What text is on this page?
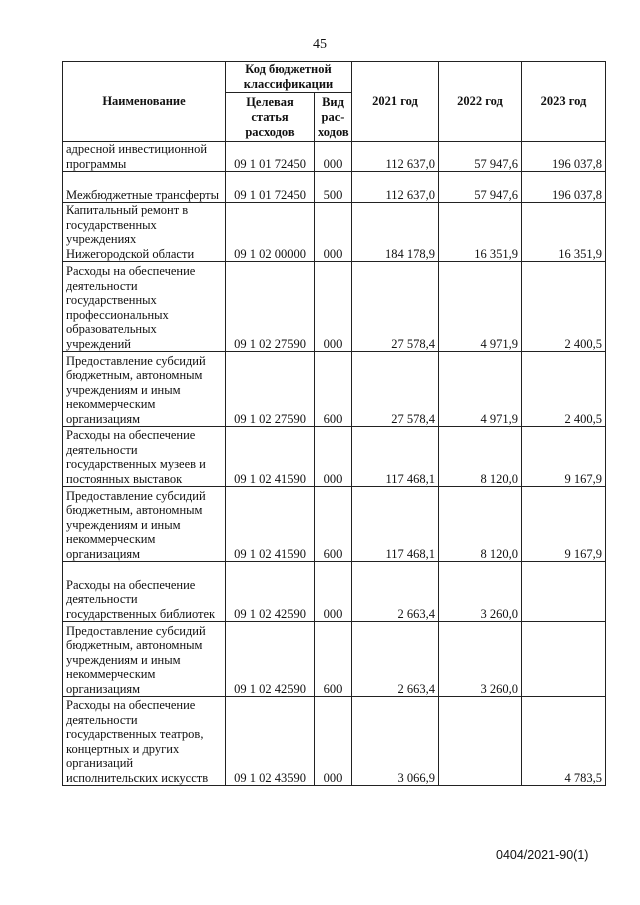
45
Наименование	Код бюджетной классификации		2021 год	2022 год	2023 год
	Целевая статья расходов	Вид рас-ходов			
адресной инвестиционной программы	09 1 01 72450	000	112 637,0	57 947,6	196 037,8
Межбюджетные трансферты	09 1 01 72450	500	112 637,0	57 947,6	196 037,8
Капитальный ремонт в государственных учреждениях Нижегородской области	09 1 02 00000	000	184 178,9	16 351,9	16 351,9
Расходы на обеспечение деятельности государственных профессиональных образовательных учреждений	09 1 02 27590	000	27 578,4	4 971,9	2 400,5
Предоставление субсидий бюджетным, автономным учреждениям и иным некоммерческим организациям	09 1 02 27590	600	27 578,4	4 971,9	2 400,5
Расходы на обеспечение деятельности государственных музеев и постоянных выставок	09 1 02 41590	000	117 468,1	8 120,0	9 167,9
Предоставление субсидий бюджетным, автономным учреждениям и иным некоммерческим организациям	09 1 02 41590	600	117 468,1	8 120,0	9 167,9
Расходы на обеспечение деятельности государственных библиотек	09 1 02 42590	000	2 663,4	3 260,0	
Предоставление субсидий бюджетным, автономным учреждениям и иным некоммерческим организациям	09 1 02 42590	600	2 663,4	3 260,0	
Расходы на обеспечение деятельности государственных театров, концертных и других организаций исполнительских искусств	09 1 02 43590	000	3 066,9		4 783,5
0404/2021-90(1)
